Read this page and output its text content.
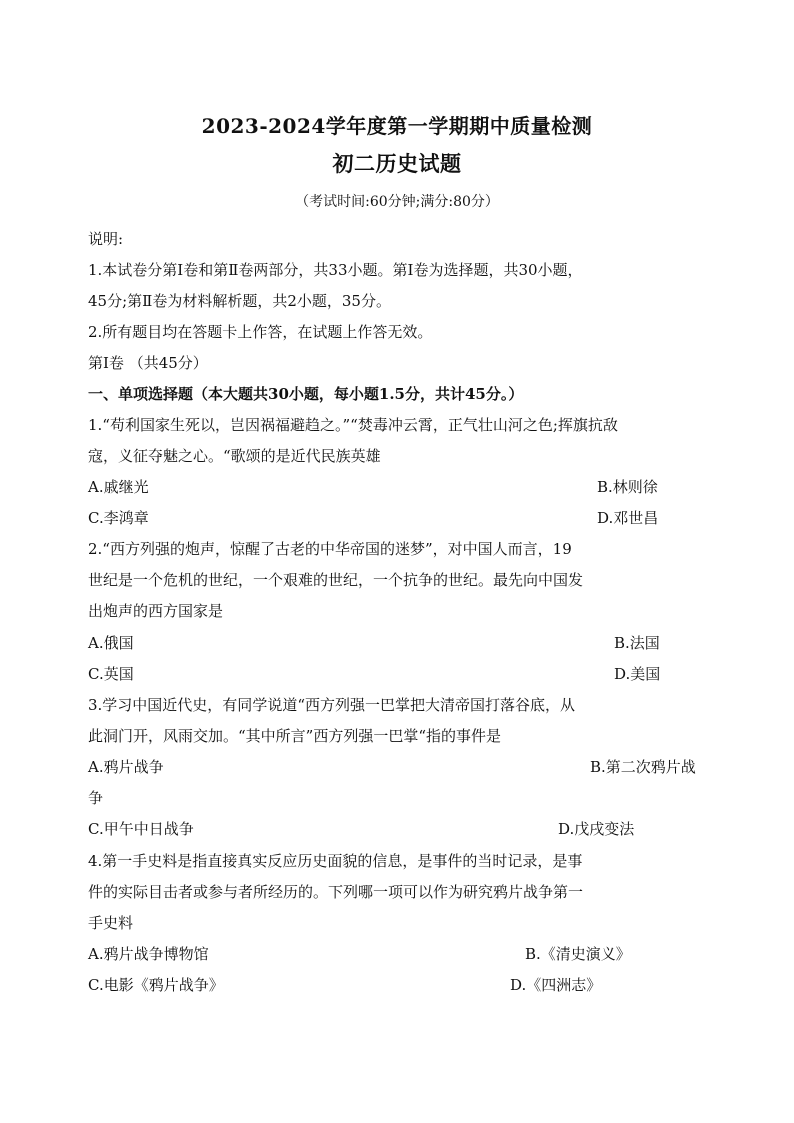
2023-2024学年度第一学期期中质量检测
初二历史试题
（考试时间:60分钟;满分:80分）
说明:
1.本试卷分第Ⅰ卷和第Ⅱ卷两部分，共33小题。第Ⅰ卷为选择题，共30小题，
45分;第Ⅱ卷为材料解析题，共2小题，35分。
2.所有题目均在答题卡上作答，在试题上作答无效。
第Ⅰ卷 （共45分）
一、单项选择题（本大题共30小题，每小题1.5分，共计45分。）
1.“苟利国家生死以，岂因祸福避趋之。”“焚毒冲云霄，正气壮山河之色;挥旗抗敌
寇，义征夺魅之心。“歌颂的是近代民族英雄
A.戚继光	B.林则徐
C.李鸿章	D.邓世昌
2.“西方列强的炮声，惊醒了古老的中华帝国的迷梦”，对中国人而言，19
世纪是一个危机的世纪，一个艰难的世纪，一个抗争的世纪。最先向中国发
出炮声的西方国家是
A.俄国	B.法国
C.英国	D.美国
3.学习中国近代史，有同学说道“西方列强一巴掌把大清帝国打落谷底，从
此洞门开，风雨交加。“其中所言”西方列强一巴掌“指的事件是
A.鸦片战争	B.第二次鸦片战
争
C.甲午中日战争	D.戊戌变法
4.第一手史料是指直接真实反应历史面貌的信息，是事件的当时记录，是事
件的实际目击者或参与者所经历的。下列哪一项可以作为研究鸦片战争第一
手史料
A.鸦片战争博物馆	B.《清史演义》
C.电影《鸦片战争》	D.《四洲志》
